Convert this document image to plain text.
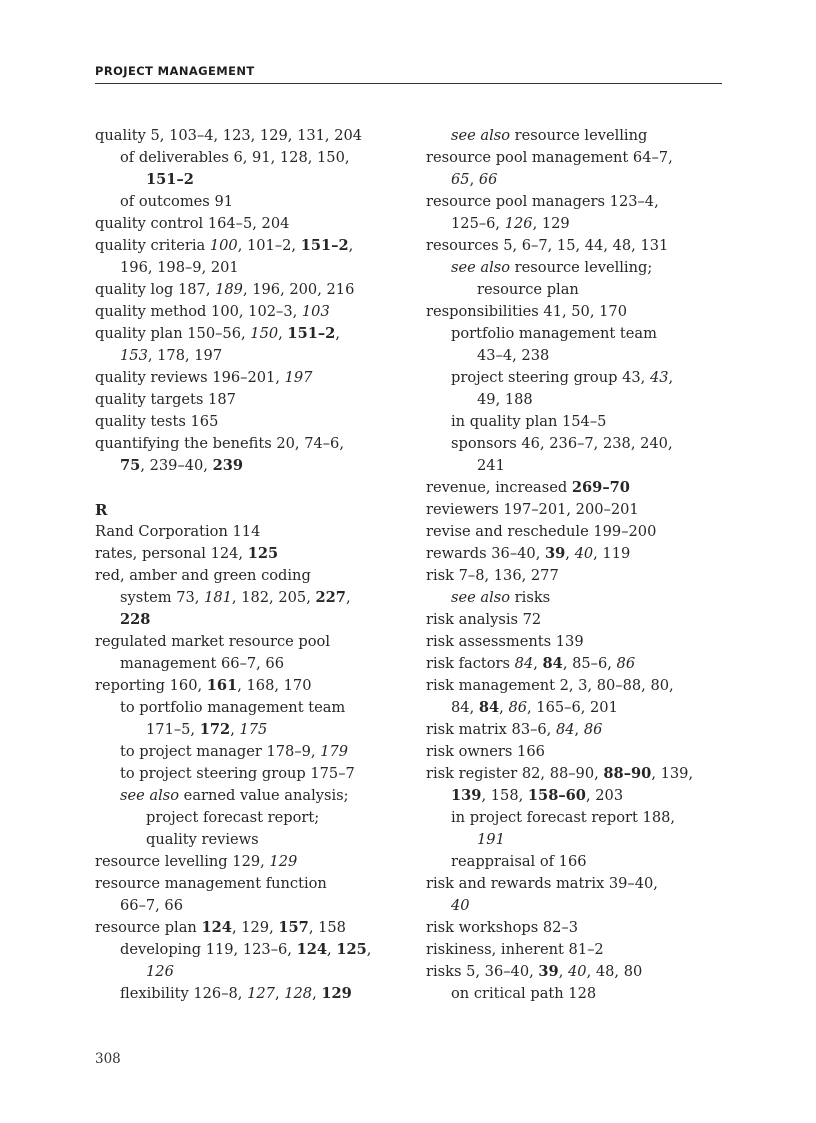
PROJECT MANAGEMENT
quality 5, 103–4, 123, 129, 131, 204
of deliverables 6, 91, 128, 150,
151–2
of outcomes 91
quality control 164–5, 204
quality criteria 100, 101–2, 151–2,
196, 198–9, 201
quality log 187, 189, 196, 200, 216
quality method 100, 102–3, 103
quality plan 150–56, 150, 151–2,
153, 178, 197
quality reviews 196–201, 197
quality targets 187
quality tests 165
quantifying the benefits 20, 74–6,
75, 239–40, 239
R
Rand Corporation 114
rates, personal 124, 125
red, amber and green coding
system 73, 181, 182, 205, 227,
228
regulated market resource pool
management 66–7, 66
reporting 160, 161, 168, 170
to portfolio management team
171–5, 172, 175
to project manager 178–9, 179
to project steering group 175–7
see also earned value analysis;
project forecast report;
quality reviews
resource levelling 129, 129
resource management function
66–7, 66
resource plan 124, 129, 157, 158
developing 119, 123–6, 124, 125,
126
flexibility 126–8, 127, 128, 129
see also resource levelling
resource pool management 64–7,
65, 66
resource pool managers 123–4,
125–6, 126, 129
resources 5, 6–7, 15, 44, 48, 131
see also resource levelling;
resource plan
responsibilities 41, 50, 170
portfolio management team
43–4, 238
project steering group 43, 43,
49, 188
in quality plan 154–5
sponsors 46, 236–7, 238, 240,
241
revenue, increased 269–70
reviewers 197–201, 200–201
revise and reschedule 199–200
rewards 36–40, 39, 40, 119
risk 7–8, 136, 277
see also risks
risk analysis 72
risk assessments 139
risk factors 84, 84, 85–6, 86
risk management 2, 3, 80–88, 80,
84, 84, 86, 165–6, 201
risk matrix 83–6, 84, 86
risk owners 166
risk register 82, 88–90, 88–90, 139,
139, 158, 158–60, 203
in project forecast report 188,
191
reappraisal of 166
risk and rewards matrix 39–40,
40
risk workshops 82–3
riskiness, inherent 81–2
risks 5, 36–40, 39, 40, 48, 80
on critical path 128
308
